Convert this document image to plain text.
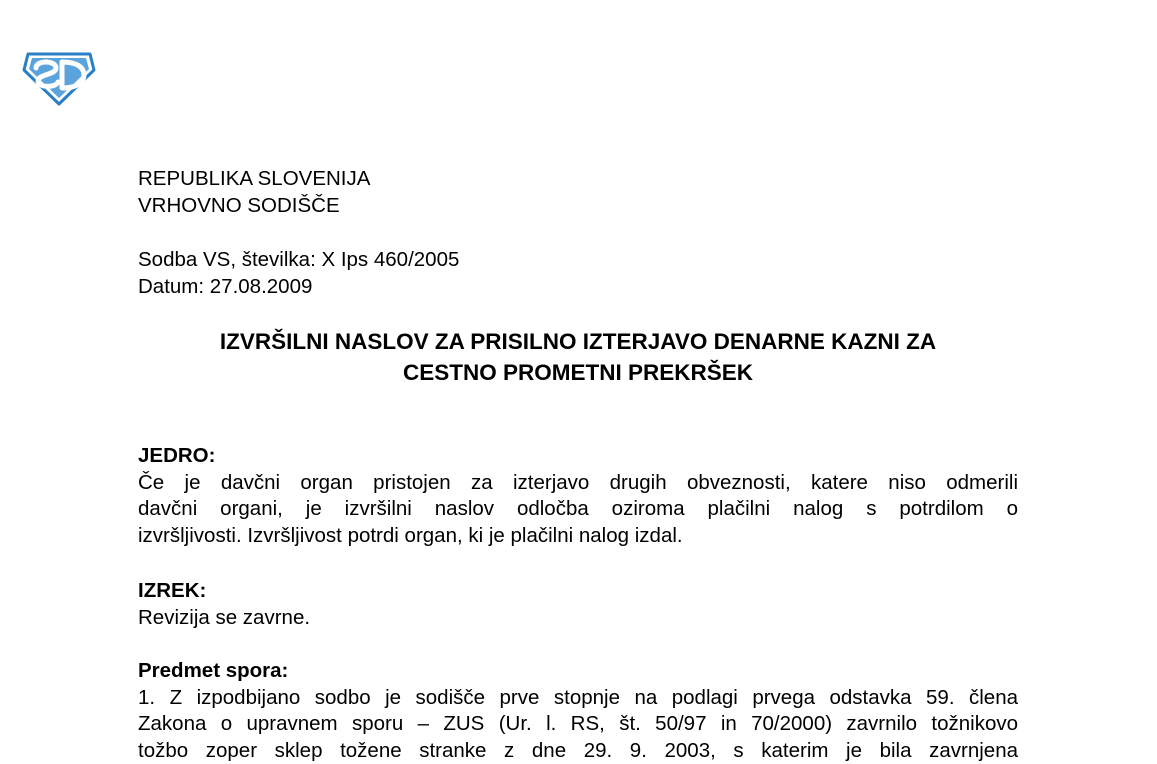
REPUBLIKA SLOVENIJA
VRHOVNO SODIŠČE
Sodba VS, številka: X Ips 460/2005
Datum: 27.08.2009
IZVRŠILNI NASLOV ZA PRISILNO IZTERJAVO DENARNE KAZNI ZA
CESTNO PROMETNI PREKRŠEK
JEDRO:
Če je davčni organ pristojen za izterjavo drugih obveznosti, katere niso odmerili
davčni organi, je izvršilni naslov odločba oziroma plačilni nalog s potrdilom o
izvršljivosti. Izvršljivost potrdi organ, ki je plačilni nalog izdal.
IZREK:
Revizija se zavrne.
Predmet spora:
1. Z izpodbijano sodbo je sodišče prve stopnje na podlagi prvega odstavka 59. člena
Zakona o upravnem sporu – ZUS (Ur. l. RS, št. 50/97 in 70/2000) zavrnilo tožnikovo
tožbo zoper sklep tožene stranke z dne 29. 9. 2003, s katerim je bila zavrnjena
